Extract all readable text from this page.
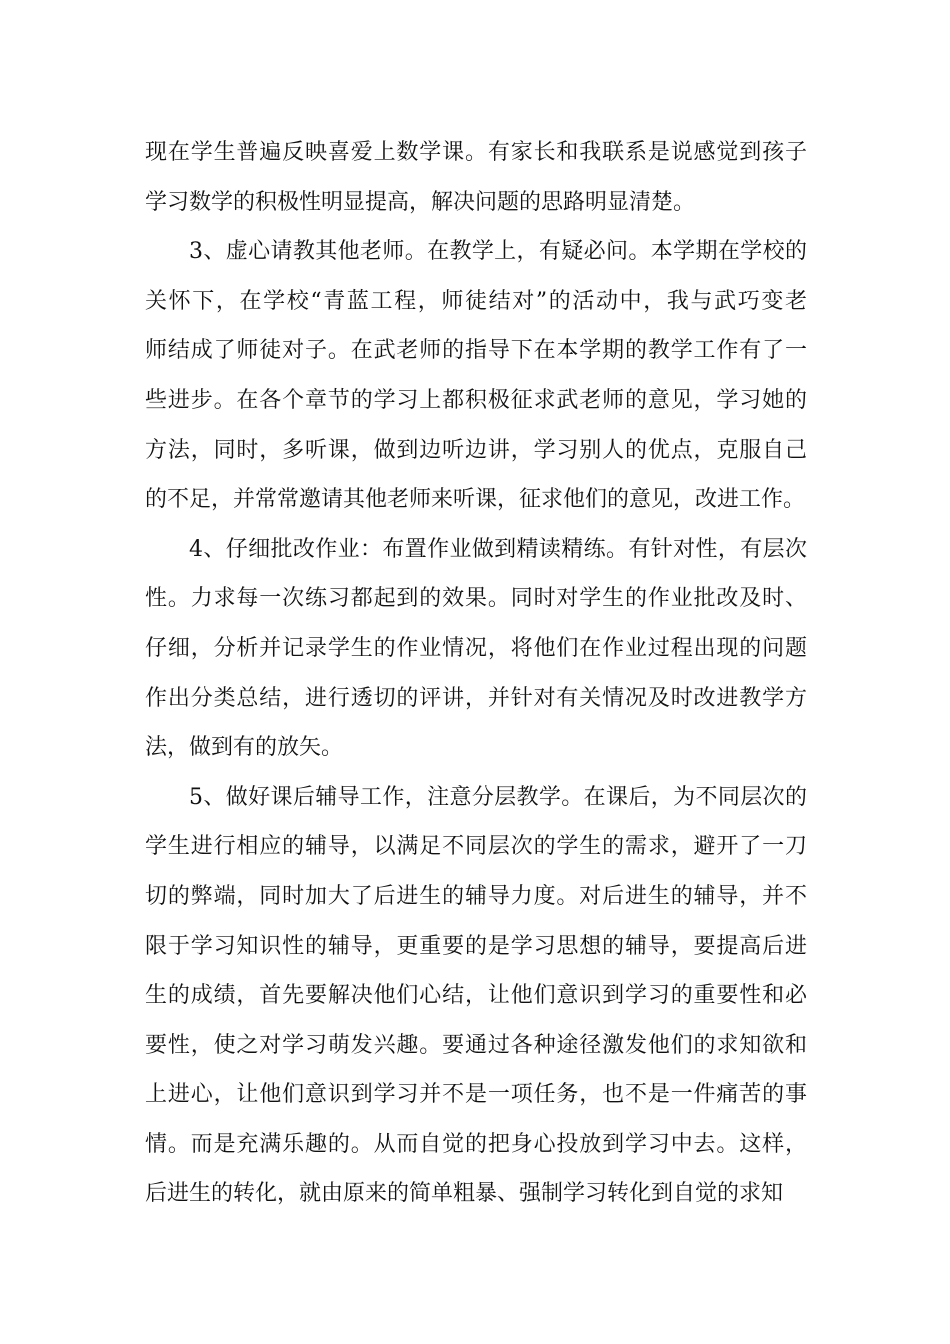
现在学生普遍反映喜爱上数学课。有家长和我联系是说感觉到孩子
学习数学的积极性明显提高，解决问题的思路明显清楚。
3、虚心请教其他老师。在教学上，有疑必问。本学期在学校的
关怀下，在学校“青蓝工程，师徒结对”的活动中，我与武巧变老
师结成了师徒对子。在武老师的指导下在本学期的教学工作有了一
些进步。在各个章节的学习上都积极征求武老师的意见，学习她的
方法，同时，多听课，做到边听边讲，学习别人的优点，克服自己
的不足，并常常邀请其他老师来听课，征求他们的意见，改进工作。
4、仔细批改作业：布置作业做到精读精练。有针对性，有层次
性。力求每一次练习都起到的效果。同时对学生的作业批改及时、
仔细，分析并记录学生的作业情况，将他们在作业过程出现的问题
作出分类总结，进行透切的评讲，并针对有关情况及时改进教学方
法，做到有的放矢。
5、做好课后辅导工作，注意分层教学。在课后，为不同层次的
学生进行相应的辅导，以满足不同层次的学生的需求，避开了一刀
切的弊端，同时加大了后进生的辅导力度。对后进生的辅导，并不
限于学习知识性的辅导，更重要的是学习思想的辅导，要提高后进
生的成绩，首先要解决他们心结，让他们意识到学习的重要性和必
要性，使之对学习萌发兴趣。要通过各种途径激发他们的求知欲和
上进心，让他们意识到学习并不是一项任务，也不是一件痛苦的事
情。而是充满乐趣的。从而自觉的把身心投放到学习中去。这样，
后进生的转化，就由原来的简单粗暴、强制学习转化到自觉的求知
